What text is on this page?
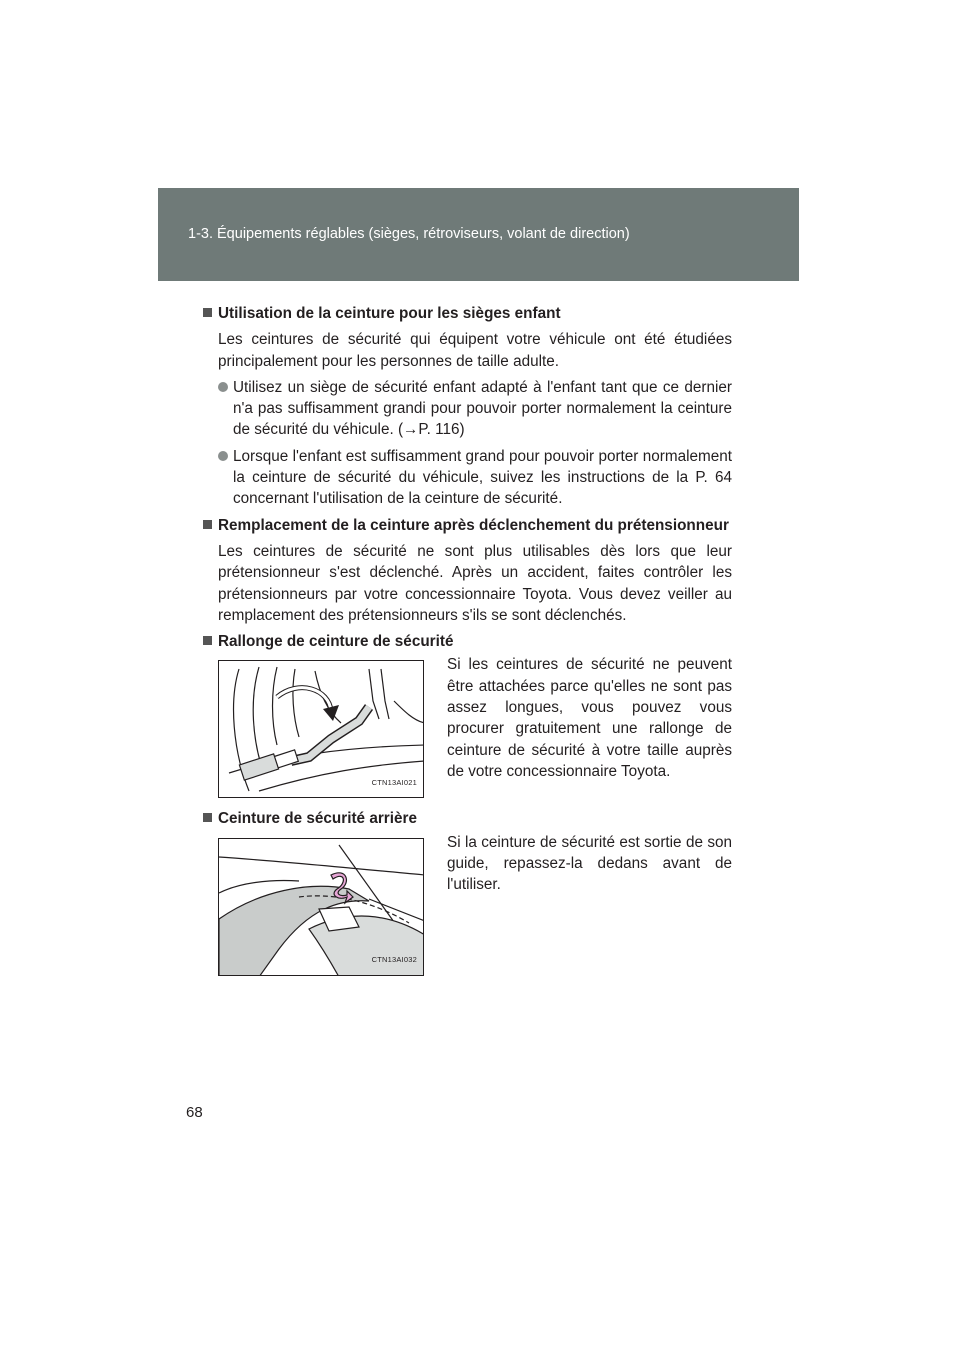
1-3. Équipements réglables (sièges, rétroviseurs, volant de direction)
Utilisation de la ceinture pour les sièges enfant

Les ceintures de sécurité qui équipent votre véhicule ont été étudiées principalement pour les personnes de taille adulte.

Utilisez un siège de sécurité enfant adapté à l'enfant tant que ce dernier n'a pas suffisamment grandi pour pouvoir porter normalement la ceinture de sécurité du véhicule. (→P. 116)
Lorsque l'enfant est suffisamment grand pour pouvoir porter normalement la ceinture de sécurité du véhicule, suivez les instructions de la P. 64 concernant l'utilisation de la ceinture de sécurité.
Remplacement de la ceinture après déclenchement du prétensionneur

Les ceintures de sécurité ne sont plus utilisables dès lors que leur prétensionneur s'est déclenché. Après un accident, faites contrôler les prétensionneurs par votre concessionnaire Toyota. Vous devez veiller au remplacement des prétensionneurs s'ils se sont déclenchés.

Rallonge de ceinture de sécurité
CTN13AI021
Si les ceintures de sécurité ne peuvent être attachées parce qu'elles ne sont pas assez longues, vous pouvez vous procurer gratuitement une rallonge de ceinture de sécurité à votre taille auprès de votre concessionnaire Toyota.
Ceinture de sécurité arrière
CTN13AI032
Si la ceinture de sécurité est sortie de son guide, repassez-la dedans avant de l'utiliser.
68
